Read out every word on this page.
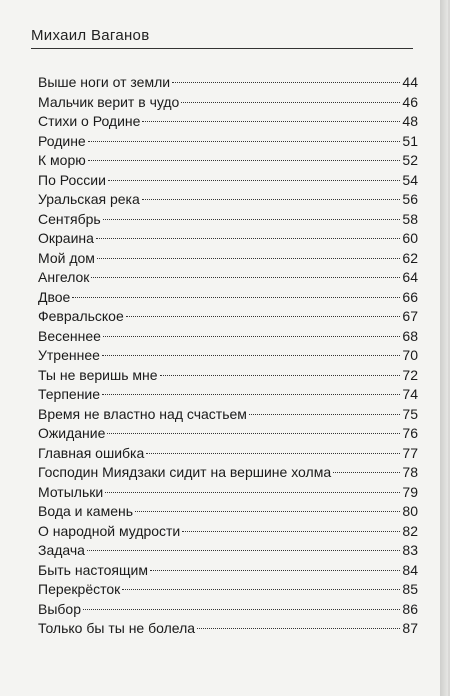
Михаил Ваганов
Выше ноги от земли	44
Мальчик верит в чудо	46
Стихи о Родине	48
Родине	51
К морю	52
По России	54
Уральская река	56
Сентябрь	58
Окраина	60
Мой дом	62
Ангелок	64
Двое	66
Февральское	67
Весеннее	68
Утреннее	70
Ты не веришь мне	72
Терпение	74
Время не властно над счастьем	75
Ожидание	76
Главная ошибка	77
Господин Миядзаки сидит на вершине холма	78
Мотыльки	79
Вода и камень	80
О народной мудрости	82
Задача	83
Быть настоящим	84
Перекрёсток	85
Выбор	86
Только бы ты не болела	87
